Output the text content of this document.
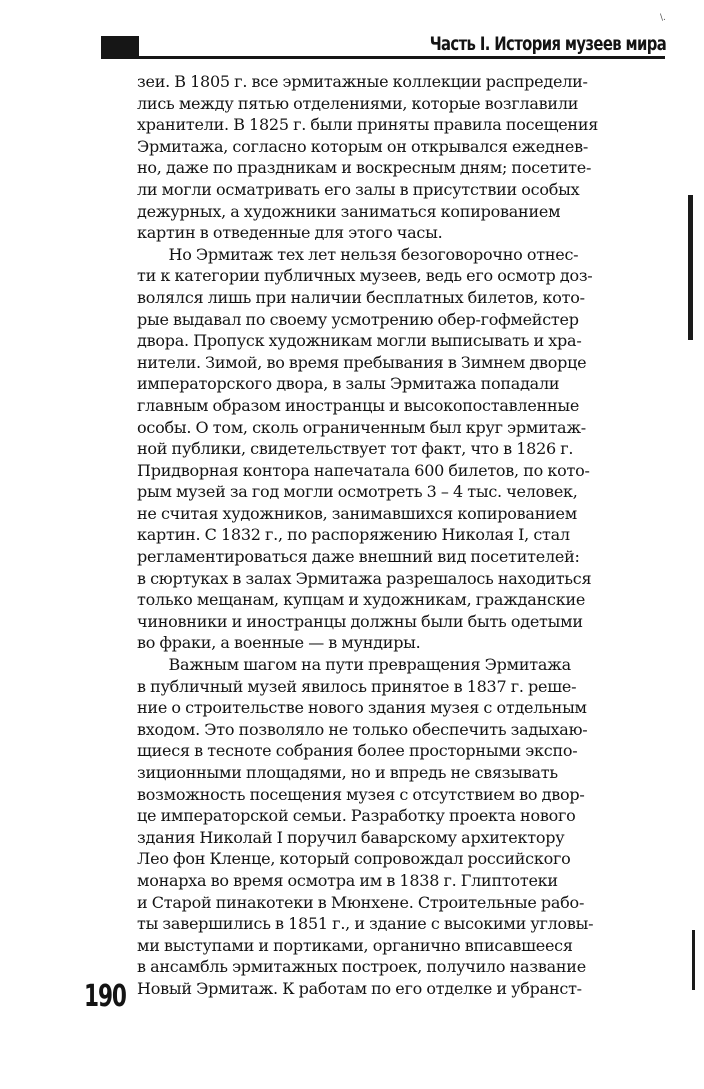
\.
Часть I. История музеев мира

зеи. В 1805 г. все эрмитажные коллекции распредели-
лись между пятью отделениями, которые возглавили
хранители. В 1825 г. были приняты правила посещения
Эрмитажа, согласно которым он открывался ежеднев-
но, даже по праздникам и воскресным дням; посетите-
ли могли осматривать его залы в присутствии особых
дежурных, а художники заниматься копированием
картин в отведенные для этого часы.

  Но Эрмитаж тех лет нельзя безоговорочно отнес-
ти к категории публичных музеев, ведь его осмотр доз-
волялся лишь при наличии бесплатных билетов, кото-
рые выдавал по своему усмотрению обер-гофмейстер
двора. Пропуск художникам могли выписывать и хра-
нители. Зимой, во время пребывания в Зимнем дворце
императорского двора, в залы Эрмитажа попадали
главным образом иностранцы и высокопоставленные
особы. О том, сколь ограниченным был круг эрмитаж-
ной публики, свидетельствует тот факт, что в 1826 г.
Придворная контора напечатала 600 билетов, по кото-
рым музей за год могли осмотреть 3 – 4 тыс. человек,
не считая художников, занимавшихся копированием
картин. С 1832 г., по распоряжению Николая I, стал
регламентироваться даже внешний вид посетителей:
в сюртуках в залах Эрмитажа разрешалось находиться
только мещанам, купцам и художникам, гражданские
чиновники и иностранцы должны были быть одетыми
во фраки, а военные — в мундиры.

  Важным шагом на пути превращения Эрмитажа
в публичный музей явилось принятое в 1837 г. реше-
ние о строительстве нового здания музея с отдельным
входом. Это позволяло не только обеспечить задыхаю-
щиеся в тесноте собрания более просторными экспо-
зиционными площадями, но и впредь не связывать
возможность посещения музея с отсутствием во двор-
це императорской семьи. Разработку проекта нового
здания Николай I поручил баварскому архитектору
Лео фон Кленце, который сопровождал российского
монарха во время осмотра им в 1838 г. Глиптотеки
и Старой пинакотеки в Мюнхене. Строительные рабо-
ты завершились в 1851 г., и здание с высокими угловы-
ми выступами и портиками, органично вписавшееся
в ансамбль эрмитажных построек, получило название
Новый Эрмитаж. К работам по его отделке и убранст-

190
